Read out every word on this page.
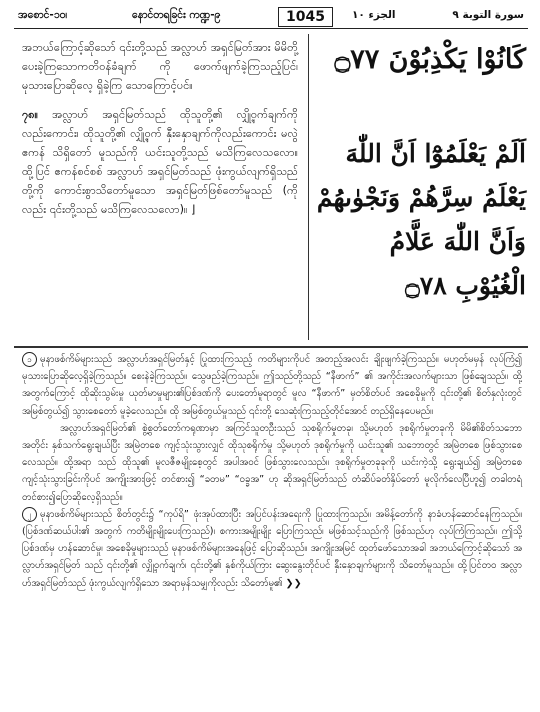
အစောင်-၁၀၊	နောင်တရခြင်း ကဏ္ဍ-၉	1045	الجزء ١٠	سورة التوبة ٩

အဘယ်ကြောင့်ဆိုသော် ၎င်းတို့သည် အလ္လာဟ် အရှင်မြတ်အား မိမိတို့ ပေးခဲ့ကြသောကတိဝန်ခံချက် ကို ဖောက်ဖျက်ခဲ့ကြသည့်ပြင်၊ မုသားပြောဆိုလေ့ ရှိခဲ့ကြ သောကြောင့်ပင်။

၇၈။ အလ္လာဟ် အရှင်မြတ်သည် ထိုသူတို့၏ လျှို့ဝှက်ချက်ကိုလည်းကောင်း၊ ထိုသူတို့၏ လျှို့ဝှက် နှီးနှောချက်ကိုလည်းကောင်း မလွဲဧကန် သိရှိတော် မူသည်ကို ယင်းသူတို့သည် မသိကြလေသလော။ ထို့ပြင် ဧကန်စင်စစ် အလ္လာဟ် အရှင်မြတ်သည် ဖုံးကွယ်လျက်ရှိသည်တို့ကို ကောင်းစွာသိတော်မူသော အရှင်မြတ်ဖြစ်တော်မူသည် (ကိုလည်း ၎င်းတို့သည် မသိကြလေသလော)။ ⌋

كَانُوْا يَكْذِبُوْنَ ۝٧٧
اَلَمْ يَعْلَمُوْٓا اَنَّ اللّٰهَ
يَعْلَمُ سِرَّهُمْ وَنَجْوٰىهُمْ
وَاَنَّ اللّٰهَ عَلَّامُ
الْغُيُوْبِ ۝٧٨

၁ မုနာဖစ်ကိမ်များသည် အလ္လာဟ်အရှင်မြတ်နှင့် ပြုထားကြသည့် ကတိများကိုပင် အတည့်အလင်း ချိုးဖျက်ခဲ့ကြသည်။ မဟုတ်မမှန် လုပ်ကြံ၍ မုသားပြောဆိုလေ့ရှိခဲ့ကြသည်။ စေးနဲခဲ့ကြသည်။ သွေဖည်ခဲ့ကြသည်။ ဤသည်တို့သည် “နီဖာက်” ၏ အကိုင်းအလက်များသာ ဖြစ်ချေသည်။ ထို့အတွက်ကြောင့် ထိုဆိုးသွမ်းမှု ယုတ်မာမှုများ၏ပြစ်ဒဏ်ကို ပေးတော်မူရာတွင် မူလ “နီဖာက်” မှတ်စိတ်ပင် အစေခိုမှုကို ၎င်းတို့၏ စိတ်နှလုံးတွင် အမြစ်တွယ်၍ သွားစေတော် မူခဲ့လေသည်။ ထို အမြစ်တွယ်မှုသည် ၎င်းတို့ သေဆုံးကြသည့်တိုင်အောင် တည်ရှိနေပေမည်။

အလ္လာဟ်အရှင်မြတ်၏ စွဲ့စွတ်တော်ကရုဏာမှာ အကြင်သူတဦးသည် သုစရိုက်မှုတခု၊ သို့မဟုတ် ဒုစရိုက်မှုတခုကို မိမိ၏စိတ်သဘောအတိုင်း နှစ်သက်ရွေးချယ်ပြီး အမြဲတစေ ကျင့်သုံးသွားလျှင် ထိုသုစရိုက်မှု သို့မဟုတ် ဒုစရိုက်မှုကို ယင်းသူ၏ သဘောတွင် အမြဲတစေ ဖြစ်သွားစေလေသည်။ ထို့အရာ သည် ထိုသူ၏ မူလဇီဇမျိုးစေ့တွင် အပါအဝင် ဖြစ်သွားလေသည်။ ဒုစရိုက်မှုတခုခုကို ယင်းကဲ့သို့ ရွေးချယ်၍ အမြဲတစေ ကျင့်သုံးသွားခြင်းကိုပင် အကျိုးအားဖြင့် တင်စား၍ “ခတမ” “ဝခ္ခအ” ဟု ဆိုအရှင်မြတ်သည် တံဆိပ်ခတ်နှိပ်တော် မူလိုက်လေပြီဟူ၍ တခါတရံ တင်စား၍ပြောဆိုလေ့ရှိသည်။

၂ မုနာဖစ်ကိမ်များသည် စိတ်တွင်း၌ “ကုပ်ရိ” ဖုံးအုပ်ထားပြီး အပြင်ပန်းအရေးကို ပြုထားကြသည်။ အမိန့်တော်ကို နာခံဟန်ဆောင်နေကြသည်။ (ပြစ်ဒဏ်ဆယ်ပါး၏ အတွက် ကတိမျိုးမျိုးပေးကြသည်)၊ စကားအမျိုးမျိုး ပြောကြသည်၊ မဖြစ်သင့်သည်ကို ဖြစ်သည်ဟု လုပ်ကြံကြသည်။ ဤသို့ ပြစ်ဒဏ်မှ ဟန်ဆောင်မှု၊ အစေခိုမှုများသည် မုနာဖစ်ကိမ်များအနေဖြင့် ပြောဆိုသည်။ အကျိုးအမြင် ထုတ်ဖော်သောအခါ အဘယ်ကြောင့်ဆိုသော် အလ္လာဟ်အရှင်မြတ် သည် ၎င်းတို့၏ လျှို့ဝှက်ချက်၊ ၎င်းတို့၏ နှစ်ကိုယ်ကြား ဆွေးနွေးတိုင်ပင် နှီးနှောချက်များကို သိတော်မူသည်။ ထို့ပြင်တဝ အလ္လာဟ်အရှင်မြတ်သည် ဖုံးကွယ်လျက်ရှိသော အရာမှန်သမျှကိုလည်း သိတော်မူ၏ ❯❯
